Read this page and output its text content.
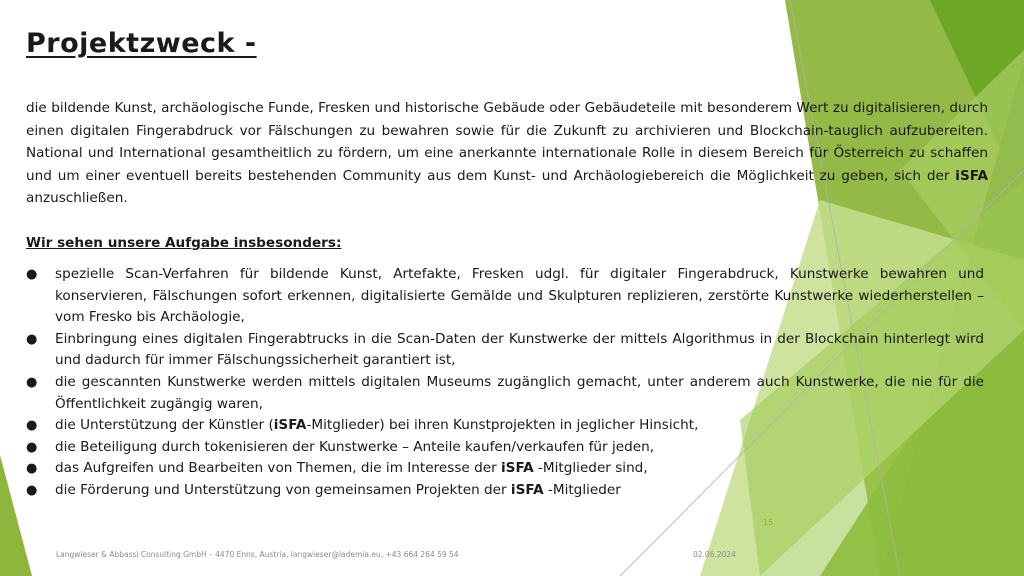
Projektzweck -

die bildende Kunst, archäologische Funde, Fresken und historische Gebäude oder Gebäudeteile mit besonderem Wert zu digitalisieren, durch einen digitalen Fingerabdruck vor Fälschungen zu bewahren sowie für die Zukunft zu archivieren und Blockchain-tauglich aufzubereiten. National und International gesamtheitlich zu fördern, um eine anerkannte internationale Rolle in diesem Bereich für Österreich zu schaffen und um einer eventuell bereits bestehenden Community aus dem Kunst- und Archäologiebereich die Möglichkeit zu geben, sich der iSFA anzuschließen.

Wir sehen unsere Aufgabe insbesonders:
● spezielle Scan-Verfahren für bildende Kunst, Artefakte, Fresken udgl. für digitaler Fingerabdruck, Kunstwerke bewahren und konservieren, Fälschungen sofort erkennen, digitalisierte Gemälde und Skulpturen replizieren, zerstörte Kunstwerke wiederherstellen – vom Fresko bis Archäologie,
● Einbringung eines digitalen Fingerabtrucks in die Scan-Daten der Kunstwerke der mittels Algorithmus in der Blockchain hinterlegt wird und dadurch für immer Fälschungssicherheit garantiert ist,
● die gescannten Kunstwerke werden mittels digitalen Museums zugänglich gemacht, unter anderem auch Kunstwerke, die nie für die Öffentlichkeit zugängig waren,
● die Unterstützung der Künstler (iSFA-Mitglieder) bei ihren Kunstprojekten in jeglicher Hinsicht,
● die Beteiligung durch tokenisieren der Kunstwerke – Anteile kaufen/verkaufen für jeden,
● das Aufgreifen und Bearbeiten von Themen, die im Interesse der iSFA -Mitglieder sind,
● die Förderung und Unterstützung von gemeinsamen Projekten der iSFA -Mitglieder
15
Langwieser & Abbassi Consulting GmbH – 4470 Enns, Austria, langwieser@lademia.eu, +43 664 264 59 54	02.06.2024
